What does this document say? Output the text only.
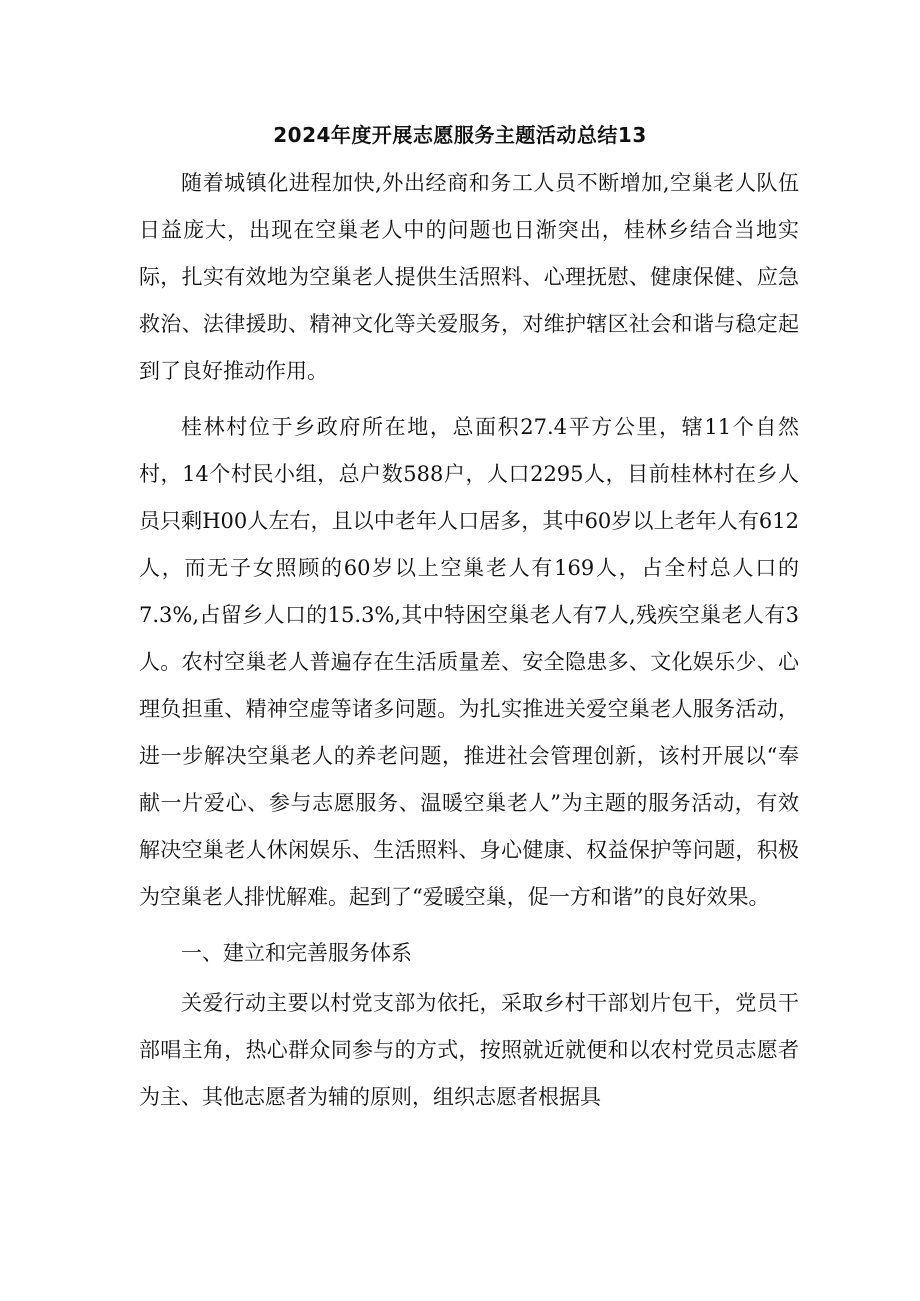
2024年度开展志愿服务主题活动总结13

随着城镇化进程加快,外出经商和务工人员不断增加,空巢老人队伍日益庞大，出现在空巢老人中的问题也日渐突出，桂林乡结合当地实际，扎实有效地为空巢老人提供生活照料、心理抚慰、健康保健、应急救治、法律援助、精神文化等关爱服务，对维护辖区社会和谐与稳定起到了良好推动作用。

桂林村位于乡政府所在地，总面积27.4平方公里，辖11个自然村，14个村民小组，总户数588户，人口2295人，目前桂林村在乡人员只剩H00人左右，且以中老年人口居多，其中60岁以上老年人有612人，而无子女照顾的60岁以上空巢老人有169人，占全村总人口的7.3%,占留乡人口的15.3%,其中特困空巢老人有7人,残疾空巢老人有3人。农村空巢老人普遍存在生活质量差、安全隐患多、文化娱乐少、心理负担重、精神空虚等诸多问题。为扎实推进关爱空巢老人服务活动，进一步解决空巢老人的养老问题，推进社会管理创新，该村开展以“奉献一片爱心、参与志愿服务、温暖空巢老人”为主题的服务活动，有效解决空巢老人休闲娱乐、生活照料、身心健康、权益保护等问题，积极为空巢老人排忧解难。起到了“爱暖空巢，促一方和谐”的良好效果。

一、建立和完善服务体系

关爱行动主要以村党支部为依托，采取乡村干部划片包干，党员干部唱主角，热心群众同参与的方式，按照就近就便和以农村党员志愿者为主、其他志愿者为辅的原则，组织志愿者根据具
